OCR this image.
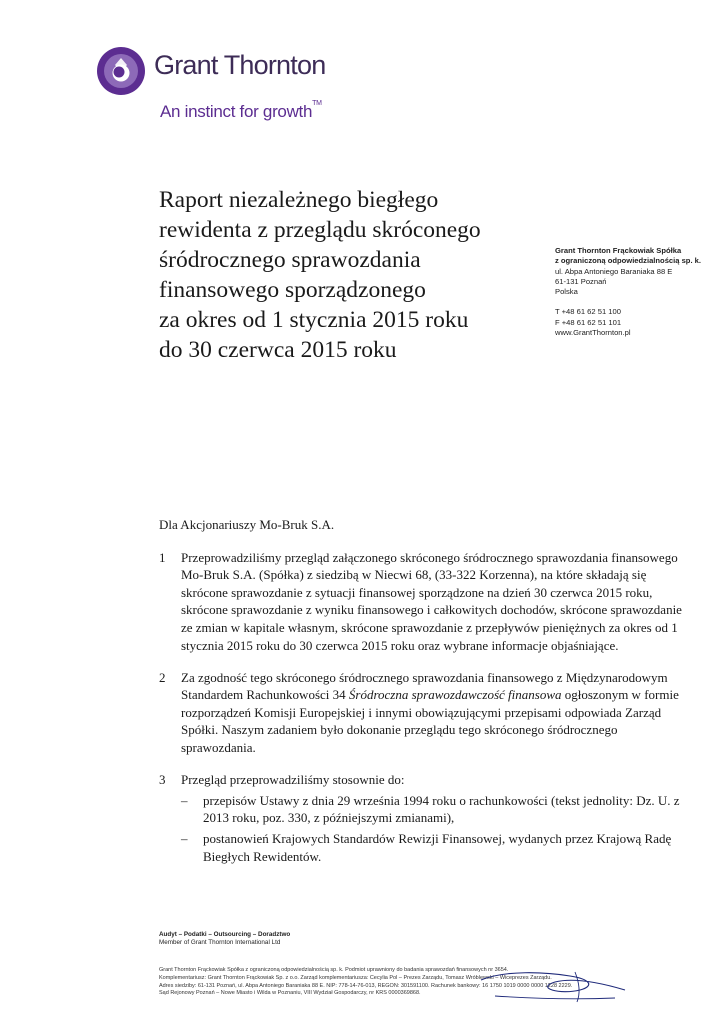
Grant Thornton
An instinct for growth™
Raport niezależnego biegłego
rewidenta z przeglądu skróconego
śródrocznego sprawozdania
finansowego sporządzonego
za okres od 1 stycznia 2015 roku
do 30 czerwca 2015 roku
Grant Thornton Frąckowiak Spółka
z ograniczoną odpowiedzialnością sp. k.
ul. Abpa Antoniego Baraniaka 88 E
61-131 Poznań
Polska
T +48 61 62 51 100
F +48 61 62 51 101
www.GrantThornton.pl
Dla Akcjonariuszy Mo-Bruk S.A.
1 Przeprowadziliśmy przegląd załączonego skróconego śródrocznego sprawozdania finansowego Mo-Bruk S.A. (Spółka) z siedzibą w Niecwi 68, (33-322 Korzenna), na które składają się skrócone sprawozdanie z sytuacji finansowej sporządzone na dzień 30 czerwca 2015 roku, skrócone sprawozdanie z wyniku finansowego i całkowitych dochodów, skrócone sprawozdanie ze zmian w kapitale własnym, skrócone sprawozdanie z przepływów pieniężnych za okres od 1 stycznia 2015 roku do 30 czerwca 2015 roku oraz wybrane informacje objaśniające.
2 Za zgodność tego skróconego śródrocznego sprawozdania finansowego z Międzynarodowym Standardem Rachunkowości 34 Śródroczna sprawozdawczość finansowa ogłoszonym w formie rozporządzeń Komisji Europejskiej i innymi obowiązującymi przepisami odpowiada Zarząd Spółki. Naszym zadaniem było dokonanie przeglądu tego skróconego śródrocznego sprawozdania.
3 Przegląd przeprowadziliśmy stosownie do:
– przepisów Ustawy z dnia 29 września 1994 roku o rachunkowości (tekst jednolity: Dz. U. z 2013 roku, poz. 330, z późniejszymi zmianami),
– postanowień Krajowych Standardów Rewizji Finansowej, wydanych przez Krajową Radę Biegłych Rewidentów.
Audyt – Podatki – Outsourcing – Doradztwo
Member of Grant Thornton International Ltd
Grant Thornton Frąckowiak Spółka z ograniczoną odpowiedzialnością sp. k. Podmiot uprawniony do badania sprawozdań finansowych nr 3654.
Komplementariusz: Grant Thornton Frąckowiak Sp. z o.o. Zarząd komplementariusza: Cecylia Pol – Prezes Zarządu, Tomasz Wróblewski – Wiceprezes Zarządu.
Adres siedziby: 61-131 Poznań, ul. Abpa Antoniego Baraniaka 88 E. NIP: 778-14-76-013, REGON: 301591100. Rachunek bankowy: 16 1750 1019 0000 0000 1228 2229.
Sąd Rejonowy Poznań – Nowe Miasto i Wilda w Poznaniu, VIII Wydział Gospodarczy, nr KRS 0000369868.
